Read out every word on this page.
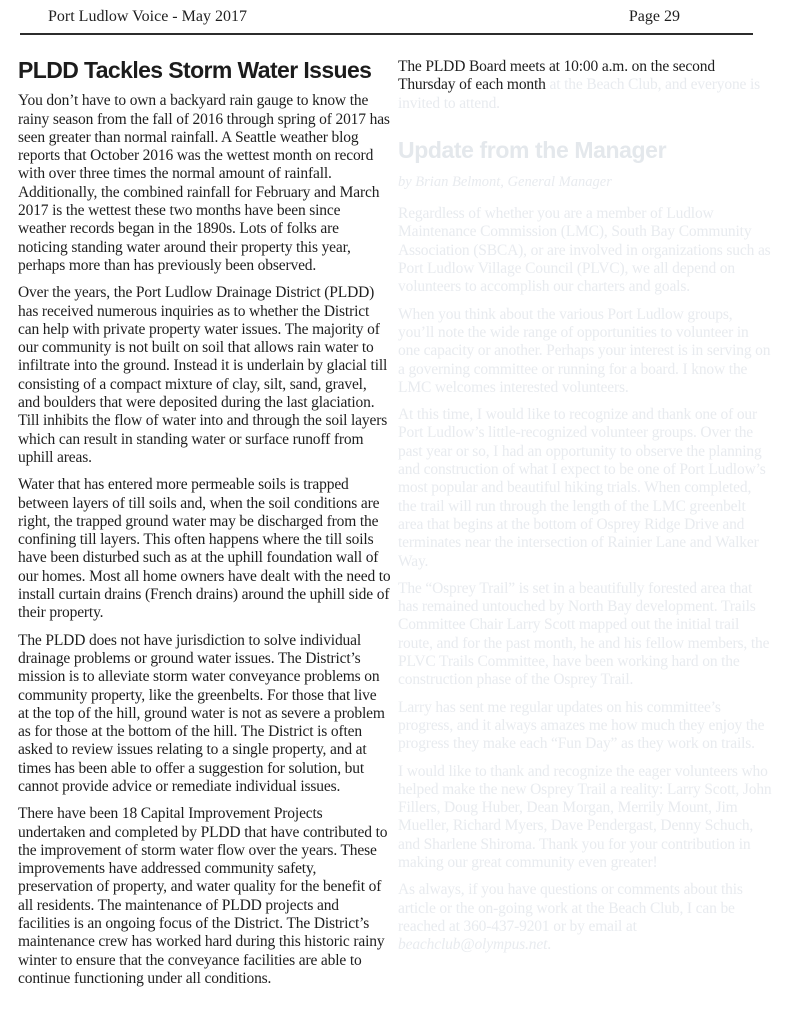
Port Ludlow Voice - May 2017	Page 29
PLDD Tackles Storm Water Issues

You don’t have to own a backyard rain gauge to know the rainy season from the fall of 2016 through spring of 2017 has seen greater than normal rainfall. A Seattle weather blog reports that October 2016 was the wettest month on record with over three times the normal amount of rainfall. Additionally, the combined rainfall for February and March 2017 is the wettest these two months have been since weather records began in the 1890s. Lots of folks are noticing standing water around their property this year, perhaps more than has previously been observed.

Over the years, the Port Ludlow Drainage District (PLDD) has received numerous inquiries as to whether the District can help with private property water issues. The majority of our community is not built on soil that allows rain water to infiltrate into the ground. Instead it is underlain by glacial till consisting of a compact mixture of clay, silt, sand, gravel, and boulders that were deposited during the last glaciation. Till inhibits the flow of water into and through the soil layers which can result in standing water or surface runoff from uphill areas.

Water that has entered more permeable soils is trapped between layers of till soils and, when the soil conditions are right, the trapped ground water may be discharged from the confining till layers. This often happens where the till soils have been disturbed such as at the uphill foundation wall of our homes. Most all home owners have dealt with the need to install curtain drains (French drains) around the uphill side of their property.

The PLDD does not have jurisdiction to solve individual drainage problems or ground water issues. The District’s mission is to alleviate storm water conveyance problems on community property, like the greenbelts. For those that live at the top of the hill, ground water is not as severe a problem as for those at the bottom of the hill. The District is often asked to review issues relating to a single property, and at times has been able to offer a suggestion for solution, but cannot provide advice or remediate individual issues.

There have been 18 Capital Improvement Projects undertaken and completed by PLDD that have contributed to the improvement of storm water flow over the years. These improvements have addressed community safety, preservation of property, and water quality for the benefit of all residents. The maintenance of PLDD projects and facilities is an ongoing focus of the District. The District’s maintenance crew has worked hard during this historic rainy winter to ensure that the conveyance facilities are able to continue functioning under all conditions.

The PLDD Board meets at 10:00 a.m. on the second Thursday of each month at the Beach Club, and everyone is invited to attend.

Update from the Manager

by Brian Belmont, General Manager

Regardless of whether you are a member of Ludlow Maintenance Commission (LMC), South Bay Community Association (SBCA), or are involved in organizations such as Port Ludlow Village Council (PLVC), we all depend on volunteers to accomplish our charters and goals.

When you think about the various Port Ludlow groups, you’ll note the wide range of opportunities to volunteer in one capacity or another. Perhaps your interest is in serving on a governing committee or running for a board. I know the LMC welcomes interested volunteers.

At this time, I would like to recognize and thank one of our Port Ludlow’s little-recognized volunteer groups. Over the past year or so, I had an opportunity to observe the planning and construction of what I expect to be one of Port Ludlow’s most popular and beautiful hiking trials. When completed, the trail will run through the length of the LMC greenbelt area that begins at the bottom of Osprey Ridge Drive and terminates near the intersection of Rainier Lane and Walker Way.

The “Osprey Trail” is set in a beautifully forested area that has remained untouched by North Bay development. Trails Committee Chair Larry Scott mapped out the initial trail route, and for the past month, he and his fellow members, the PLVC Trails Committee, have been working hard on the construction phase of the Osprey Trail.

Larry has sent me regular updates on his committee’s progress, and it always amazes me how much they enjoy the progress they make each “Fun Day” as they work on trails.

I would like to thank and recognize the eager volunteers who helped make the new Osprey Trail a reality: Larry Scott, John Fillers, Doug Huber, Dean Morgan, Merrily Mount, Jim Mueller, Richard Myers, Dave Pendergast, Denny Schuch, and Sharlene Shiroma. Thank you for your contribution in making our great community even greater!

As always, if you have questions or comments about this article or the on-going work at the Beach Club, I can be reached at 360-437-9201 or by email at beachclub@olympus.net.
